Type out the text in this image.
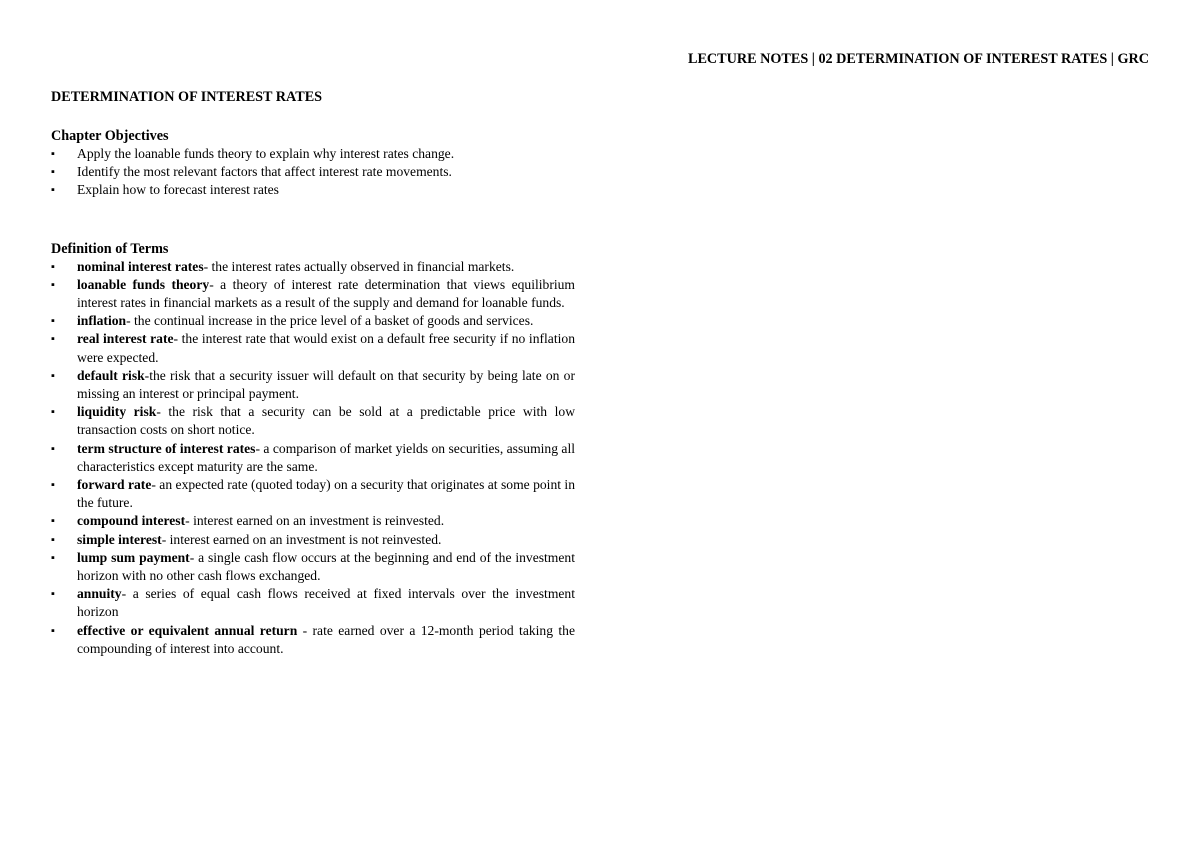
LECTURE NOTES | 02 DETERMINATION OF INTEREST RATES | GRC
DETERMINATION OF INTEREST RATES
Chapter Objectives
▪ Apply the loanable funds theory to explain why interest rates change.
▪ Identify the most relevant factors that affect interest rate movements.
▪ Explain how to forecast interest rates
Definition of Terms
▪ nominal interest rates- the interest rates actually observed in financial markets.
▪ loanable funds theory- a theory of interest rate determination that views equilibrium interest rates in financial markets as a result of the supply and demand for loanable funds.
▪ inflation- the continual increase in the price level of a basket of goods and services.
▪ real interest rate- the interest rate that would exist on a default free security if no inflation were expected.
▪ default risk-the risk that a security issuer will default on that security by being late on or missing an interest or principal payment.
▪ liquidity risk- the risk that a security can be sold at a predictable price with low transaction costs on short notice.
▪ term structure of interest rates- a comparison of market yields on securities, assuming all characteristics except maturity are the same.
▪ forward rate- an expected rate (quoted today) on a security that originates at some point in the future.
▪ compound interest- interest earned on an investment is reinvested.
▪ simple interest- interest earned on an investment is not reinvested.
▪ lump sum payment- a single cash flow occurs at the beginning and end of the investment horizon with no other cash flows exchanged.
▪ annuity- a series of equal cash flows received at fixed intervals over the investment horizon
▪ effective or equivalent annual return - rate earned over a 12-month period taking the compounding of interest into account.
